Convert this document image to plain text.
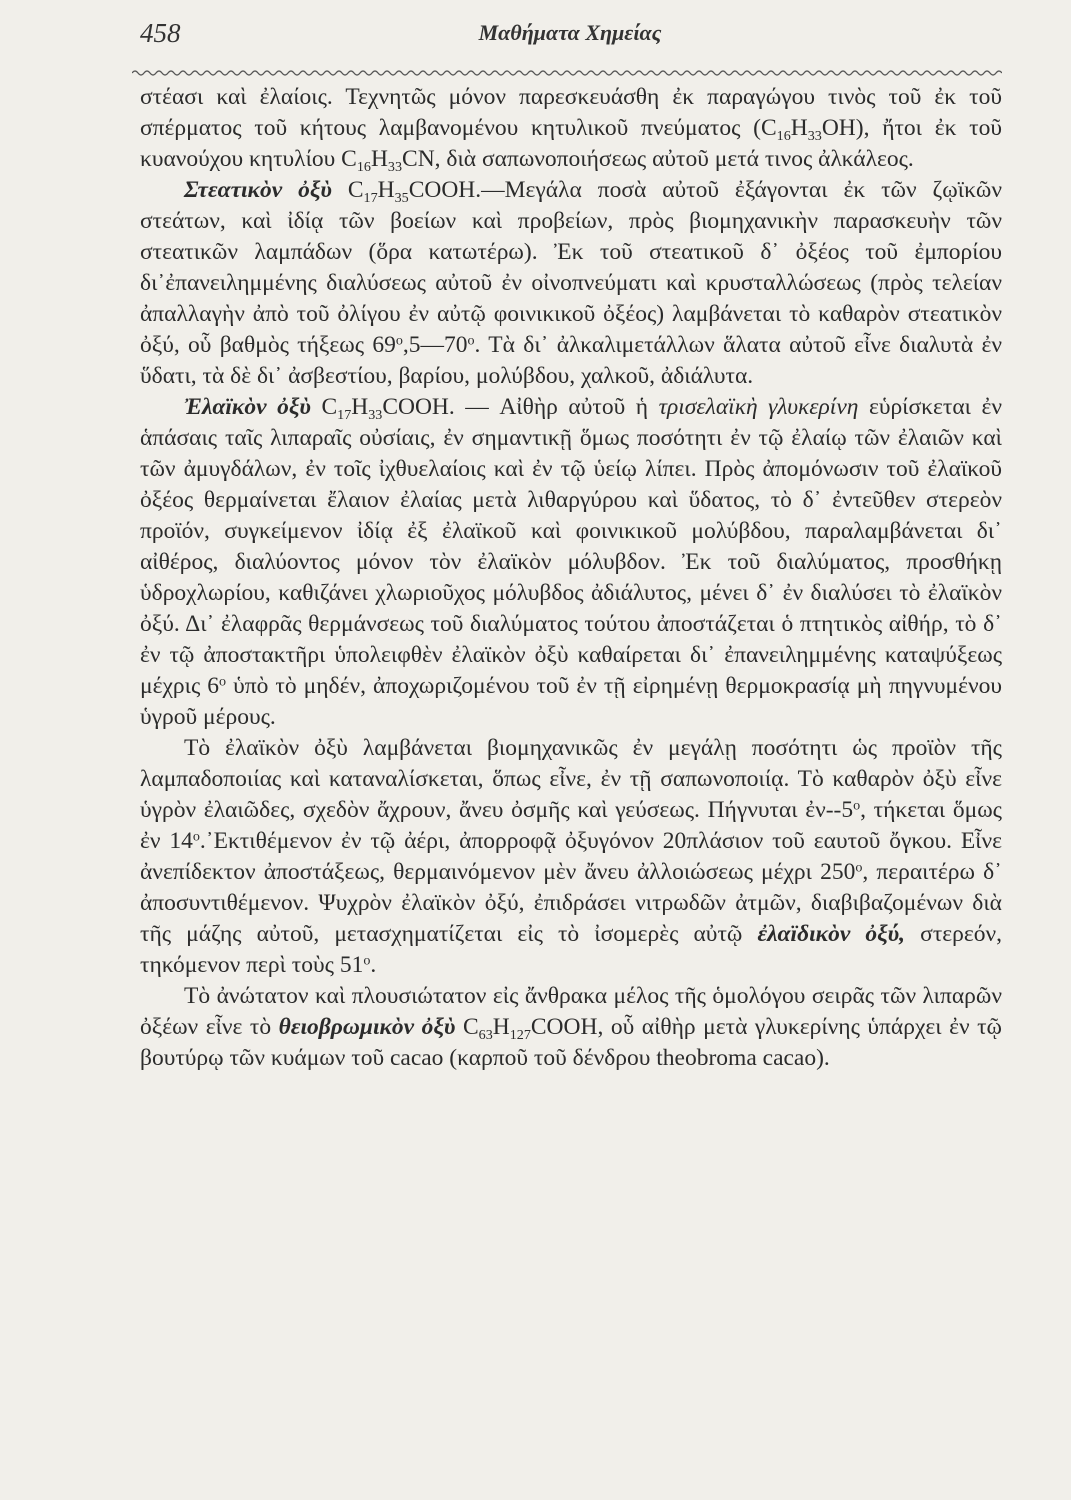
458	Μαθήματα Χημείας

στέασι καὶ ἐλαίοις. Τεχνητῶς μόνον παρεσκευάσθη ἐκ παραγώγου τινὸς τοῦ ἐκ τοῦ σπέρματος τοῦ κήτους λαμβανομένου κητυλικοῦ πνεύματος $(C_{16}H_{33}OH)$, ἤτοι ἐκ τοῦ κυανούχου κητυλίου $C_{16}H_{33}CN$, διὰ σαπωνοποιήσεως αὐτοῦ μετά τινος ἀλκάλεος.

Στεατικὸν ὀξὺ $C_{17}H_{35}COOH.—M\varepsilon\gamma ά\lambda\alpha$ ποσὰ αὐτοῦ ἐξάγονται ἐκ τῶν ζῳϊκῶν στεάτων, καὶ ἰδίᾳ τῶν βοείων καὶ προβείων, πρὸς βιομηχανικὴν παρασκευὴν τῶν στεατικῶν λαμπάδων (ὅρα κατωτέρω). Ἐκ τοῦ στεατικοῦ δ᾽ ὀξέος τοῦ ἐμπορίου δι᾽ἐπανειλημμένης διαλύσεως αὐτοῦ ἐν οἰνοπνεύματι καὶ κρυσταλλώσεως (πρὸς τελείαν ἀπαλλαγὴν ἀπὸ τοῦ ὀλίγου ἐν αὐτῷ φοινικικοῦ ὀξέος) λαμβάνεται τὸ καθαρὸν στεατικὸν ὀξύ, οὗ βαθμὸς τήξεως $69^o,5—70^o$. Τὰ δι᾽ ἀλκαλιμετάλλων ἅλατα αὐτοῦ εἶνε διαλυτὰ ἐν ὕδατι, τὰ δὲ δι᾽ ἀσβεστίου, βαρίου, μολύβδου, χαλκοῦ, ἀδιάλυτα.

Ἐλαϊκὸν ὀξὺ $C_{17}H_{33}COOH$. — Αἰθὴρ αὐτοῦ ἡ τρισελαϊκὴ γλυκερίνη εὑρίσκεται ἐν ἁπάσαις ταῖς λιπαραῖς οὐσίαις, ἐν σημαντικῇ ὅμως ποσότητι ἐν τῷ ἐλαίῳ τῶν ἐλαιῶν καὶ τῶν ἀμυγδάλων, ἐν τοῖς ἰχθυελαίοις καὶ ἐν τῷ ὑείῳ λίπει. Πρὸς ἀπομόνωσιν τοῦ ἐλαϊκοῦ ὀξέος θερμαίνεται ἔλαιον ἐλαίας μετὰ λιθαργύρου καὶ ὕδατος, τὸ δ᾽ ἐντεῦθεν στερεὸν προϊόν, συγκείμενον ἰδίᾳ ἐξ ἐλαϊκοῦ καὶ φοινικικοῦ μολύβδου, παραλαμβάνεται δι᾽ αἰθέρος, διαλύοντος μόνον τὸν ἐλαϊκὸν μόλυβδον. Ἐκ τοῦ διαλύματος, προσθήκῃ ὑδροχλωρίου, καθιζάνει χλωριοῦχος μόλυβδος ἀδιάλυτος, μένει δ᾽ ἐν διαλύσει τὸ ἐλαϊκὸν ὀξύ. Δι᾽ ἐλαφρᾶς θερμάνσεως τοῦ διαλύματος τούτου ἀποστάζεται ὁ πτητικὸς αἰθήρ, τὸ δ᾽ ἐν τῷ ἀποστακτῆρι ὑπολειφθὲν ἐλαϊκὸν ὀξὺ καθαίρεται δι᾽ ἐπανειλημμένης καταψύξεως μέχρις $6^o$ ὑπὸ τὸ μηδέν, ἀποχωριζομένου τοῦ ἐν τῇ εἰρημένῃ θερμοκρασίᾳ μὴ πηγνυμένου ὑγροῦ μέρους.

Τὸ ἐλαϊκὸν ὀξὺ λαμβάνεται βιομηχανικῶς ἐν μεγάλῃ ποσότητι ὡς προϊὸν τῆς λαμπαδοποιίας καὶ καταναλίσκεται, ὅπως εἶνε, ἐν τῇ σαπωνοποιίᾳ. Τὸ καθαρὸν ὀξὺ εἶνε ὑγρὸν ἐλαιῶδες, σχεδὸν ἄχρουν, ἄνευ ὀσμῆς καὶ γεύσεως. Πήγνυται $ἐ\nu--5^o$, τήκεται ὅμως ἐν $14^o.᾽E\kappa\tau\iota\theta έ\mu\varepsilon\nu o\nu$ ἐν τῷ ἀέρι, ἀπορροφᾷ ὀξυγόνον 20πλάσιον τοῦ εαυτοῦ ὄγκου. Εἶνε ἀνεπίδεκτον ἀποστάξεως, θερμαινόμενον μὲν ἄνευ ἀλλοιώσεως μέχρι $250^o$, περαιτέρω δ᾽ ἀποσυντιθέμενον. Ψυχρὸν ἐλαϊκὸν ὀξύ, ἐπιδράσει νιτρωδῶν ἀτμῶν, διαβιβαζομένων διὰ τῆς μάζης αὐτοῦ, μετασχηματίζεται εἰς τὸ ἰσομερὲς αὐτῷ ἐλαϊδικὸν ὀξύ, στερεόν, τηκόμενον περὶ τοὺς $51^o$.

Τὸ ἀνώτατον καὶ πλουσιώτατον εἰς ἄνθρακα μέλος τῆς ὁμολόγου σειρᾶς τῶν λιπαρῶν ὀξέων εἶνε τὸ θειοβρωμικὸν ὀξὺ $C_{63}H_{127}COOH$, οὗ αἰθὴρ μετὰ γλυκερίνης ὑπάρχει ἐν τῷ βουτύρῳ τῶν κυάμων τοῦ cacao (καρποῦ τοῦ δένδρου theobroma cacao).
